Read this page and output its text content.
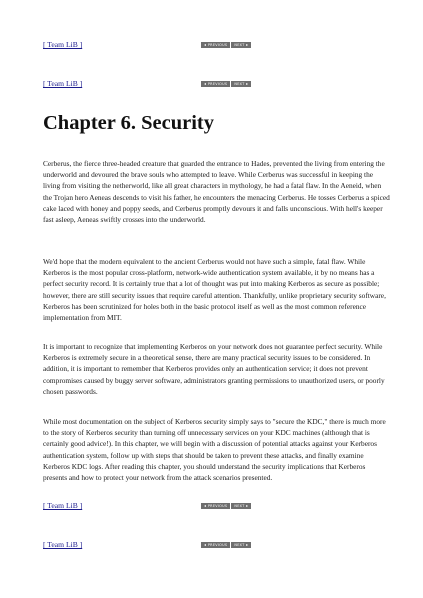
[ Team LiB ]	◂ PREVIOUS NEXT ▸
[ Team LiB ]	◂ PREVIOUS NEXT ▸
Chapter 6. Security

Cerberus, the fierce three-headed creature that guarded the entrance to Hades, prevented the living from entering the underworld and devoured the brave souls who attempted to leave. While Cerberus was successful in keeping the living from visiting the netherworld, like all great characters in mythology, he had a fatal flaw. In the Aeneid, when the Trojan hero Aeneas descends to visit his father, he encounters the menacing Cerberus. He tosses Cerberus a spiced cake laced with honey and poppy seeds, and Cerberus promptly devours it and falls unconscious. With hell's keeper fast asleep, Aeneas swiftly crosses into the underworld.

We'd hope that the modern equivalent to the ancient Cerberus would not have such a simple, fatal flaw. While Kerberos is the most popular cross-platform, network-wide authentication system available, it by no means has a perfect security record. It is certainly true that a lot of thought was put into making Kerberos as secure as possible; however, there are still security issues that require careful attention. Thankfully, unlike proprietary security software, Kerberos has been scrutinized for holes both in the basic protocol itself as well as the most common reference implementation from MIT.

It is important to recognize that implementing Kerberos on your network does not guarantee perfect security. While Kerberos is extremely secure in a theoretical sense, there are many practical security issues to be considered. In addition, it is important to remember that Kerberos provides only an authentication service; it does not prevent compromises caused by buggy server software, administrators granting permissions to unauthorized users, or poorly chosen passwords.

While most documentation on the subject of Kerberos security simply says to "secure the KDC," there is much more to the story of Kerberos security than turning off unnecessary services on your KDC machines (although that is certainly good advice!). In this chapter, we will begin with a discussion of potential attacks against your Kerberos authentication system, follow up with steps that should be taken to prevent these attacks, and finally examine Kerberos KDC logs. After reading this chapter, you should understand the security implications that Kerberos presents and how to protect your network from the attack scenarios presented.

[ Team LiB ]	◂ PREVIOUS NEXT ▸
[ Team LiB ]	◂ PREVIOUS NEXT ▸
